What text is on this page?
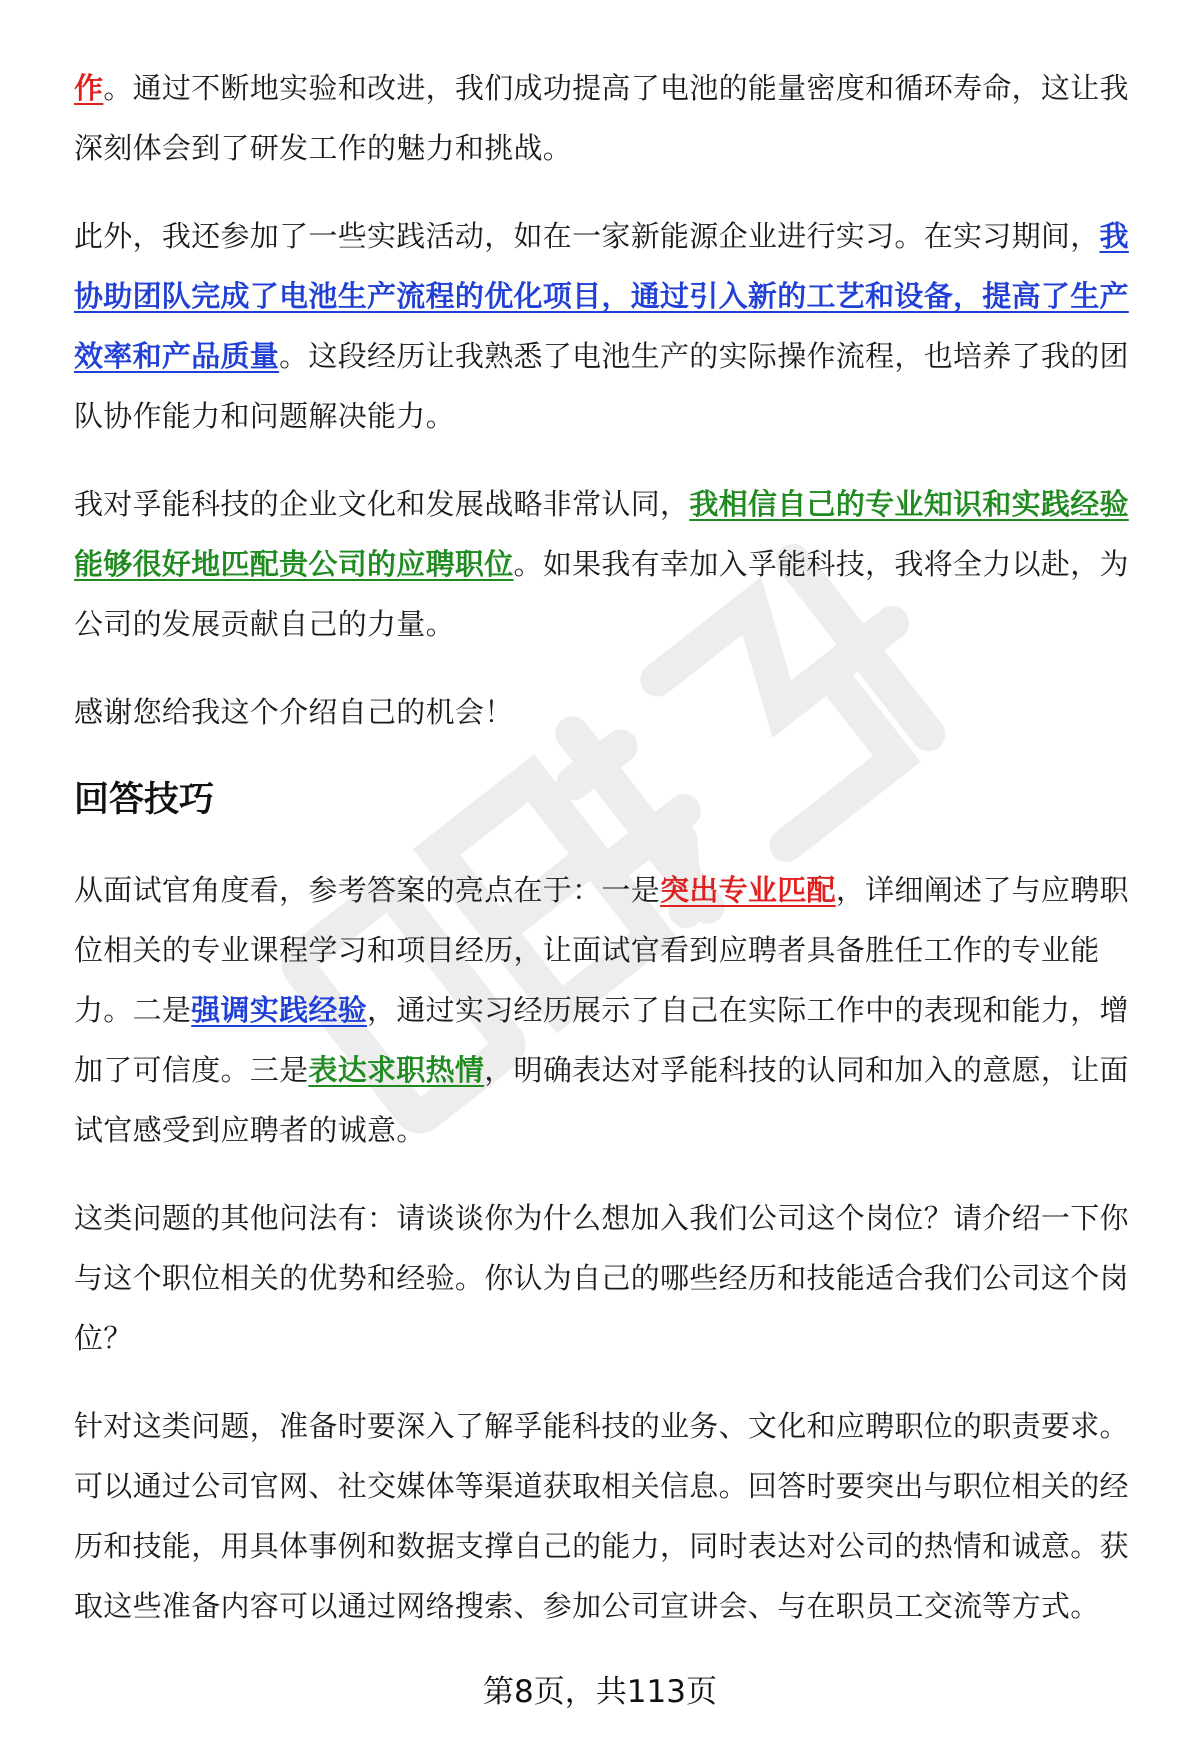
作。通过不断地实验和改进，我们成功提高了电池的能量密度和循环寿命，这让我深刻体会到了研发工作的魅力和挑战。

此外，我还参加了一些实践活动，如在一家新能源企业进行实习。在实习期间，我协助团队完成了电池生产流程的优化项目，通过引入新的工艺和设备，提高了生产效率和产品质量。这段经历让我熟悉了电池生产的实际操作流程，也培养了我的团队协作能力和问题解决能力。

我对孚能科技的企业文化和发展战略非常认同，我相信自己的专业知识和实践经验能够很好地匹配贵公司的应聘职位。如果我有幸加入孚能科技，我将全力以赴，为公司的发展贡献自己的力量。

感谢您给我这个介绍自己的机会！

回答技巧

从面试官角度看，参考答案的亮点在于：一是突出专业匹配，详细阐述了与应聘职位相关的专业课程学习和项目经历，让面试官看到应聘者具备胜任工作的专业能力。二是强调实践经验，通过实习经历展示了自己在实际工作中的表现和能力，增加了可信度。三是表达求职热情，明确表达对孚能科技的认同和加入的意愿，让面试官感受到应聘者的诚意。

这类问题的其他问法有：请谈谈你为什么想加入我们公司这个岗位？请介绍一下你与这个职位相关的优势和经验。你认为自己的哪些经历和技能适合我们公司这个岗位？

针对这类问题，准备时要深入了解孚能科技的业务、文化和应聘职位的职责要求。可以通过公司官网、社交媒体等渠道获取相关信息。回答时要突出与职位相关的经历和技能，用具体事例和数据支撑自己的能力，同时表达对公司的热情和诚意。获取这些准备内容可以通过网络搜索、参加公司宣讲会、与在职员工交流等方式。

第8页，共113页
